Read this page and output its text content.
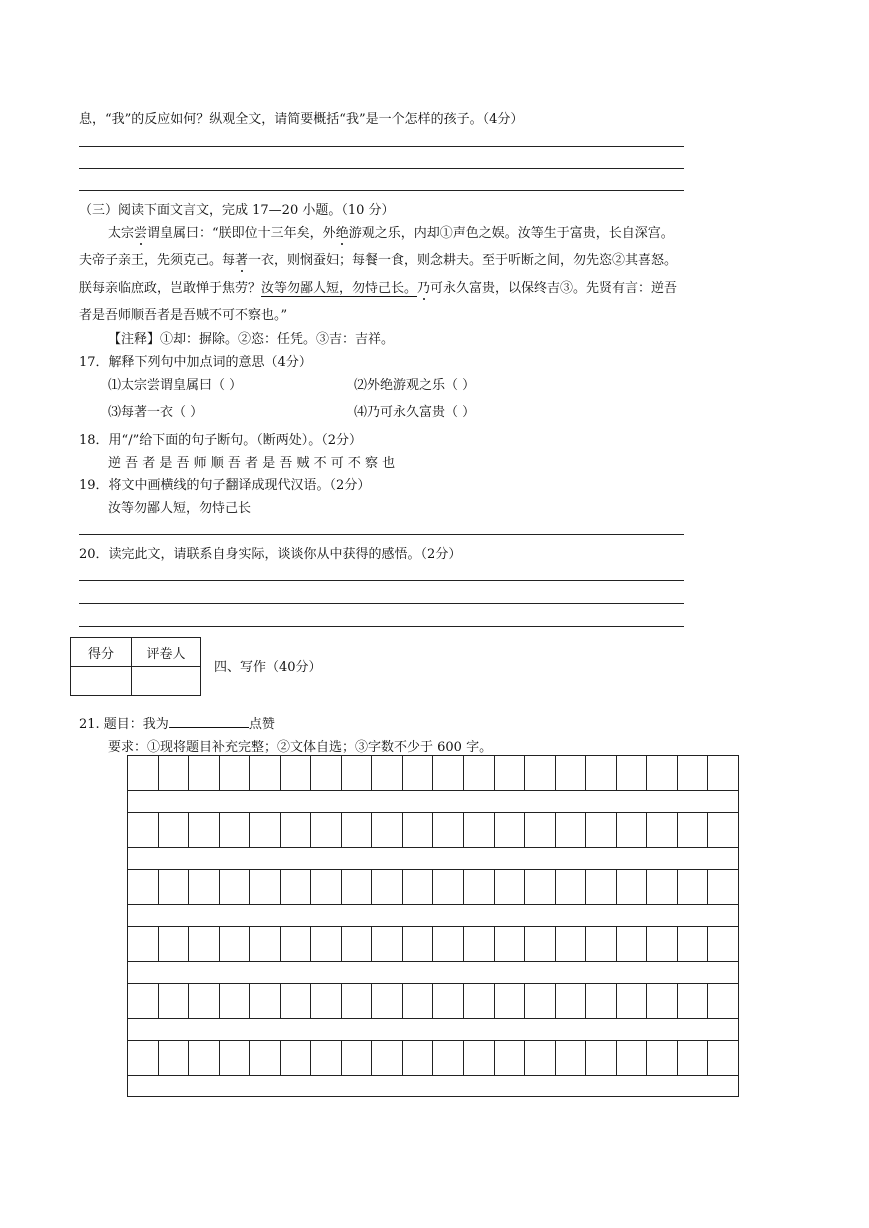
息，“我”的反应如何？纵观全文，请简要概括“我”是一个怎样的孩子。（4分）
（三）阅读下面文言文，完成 17—20 小题。（10 分）
太宗尝谓皇属曰：“朕即位十三年矣，外绝游观之乐，内却①声色之娱。汝等生于富贵，长自深宫。
夫帝子亲王，先须克己。每著一衣，则悯蚕妇；每餐一食，则念耕夫。至于听断之间，勿先恣②其喜怒。
朕每亲临庶政，岂敢惮于焦劳？汝等勿鄙人短，勿恃己长。乃可永久富贵，以保终吉③。先贤有言：逆吾
者是吾师顺吾者是吾贼不可不察也。”
【注释】①却：摒除。②恣：任凭。③吉：吉祥。
17．解释下列句中加点词的意思（4分）
⑴太宗尝谓皇属曰（ ）	⑵外绝游观之乐（ ）
⑶每著一衣（ ）	⑷乃可永久富贵（ ）
18．用“/”给下面的句子断句。（断两处）。（2分）
逆 吾 者 是 吾 师 顺 吾 者 是 吾 贼 不 可 不 察 也
19．将文中画横线的句子翻译成现代汉语。（2分）
汝等勿鄙人短，勿恃己长
20．读完此文，请联系自身实际，谈谈你从中获得的感悟。（2分）
得分	评卷人

四、写作（40分）
21. 题目：我为	点赞
要求：①现将题目补充完整；②文体自选；③字数不少于 600 字。
